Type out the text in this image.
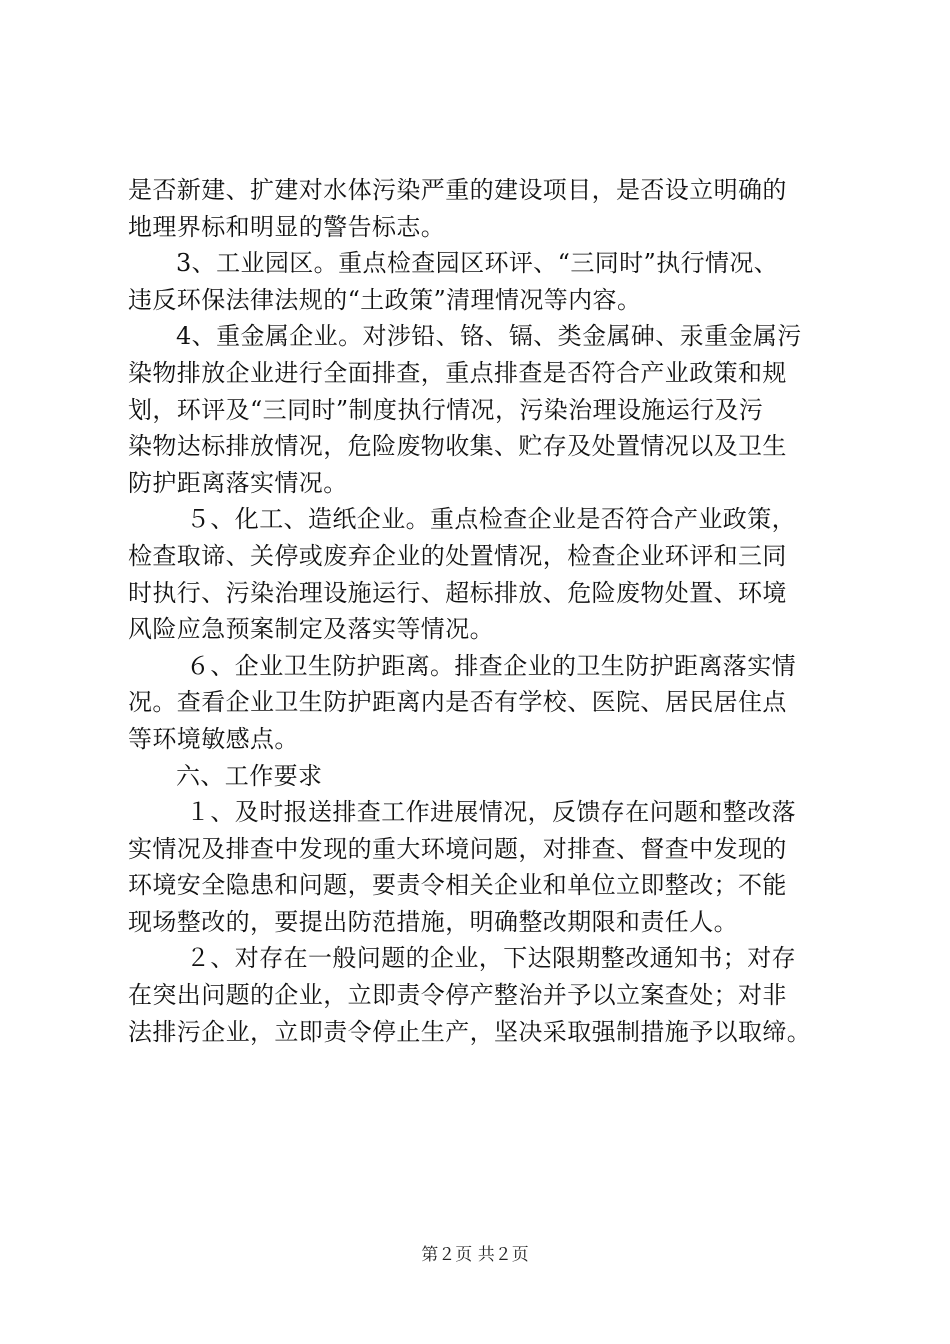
是否新建、扩建对水体污染严重的建设项目，是否设立明确的
地理界标和明显的警告标志。
3、工业园区。重点检查园区环评、“三同时”执行情况、
违反环保法律法规的“土政策”清理情况等内容。
4、重金属企业。对涉铅、铬、镉、类金属砷、汞重金属污
染物排放企业进行全面排查，重点排查是否符合产业政策和规
划，环评及“三同时”制度执行情况，污染治理设施运行及污
染物达标排放情况，危险废物收集、贮存及处置情况以及卫生
防护距离落实情况。
５、化工、造纸企业。重点检查企业是否符合产业政策，
检查取谛、关停或废弃企业的处置情况，检查企业环评和三同
时执行、污染治理设施运行、超标排放、危险废物处置、环境
风险应急预案制定及落实等情况。
６、企业卫生防护距离。排查企业的卫生防护距离落实情
况。查看企业卫生防护距离内是否有学校、医院、居民居住点
等环境敏感点。
六、工作要求
１、及时报送排查工作进展情况，反馈存在问题和整改落
实情况及排查中发现的重大环境问题，对排查、督查中发现的
环境安全隐患和问题，要责令相关企业和单位立即整改；不能
现场整改的，要提出防范措施，明确整改期限和责任人。
２、对存在一般问题的企业，下达限期整改通知书；对存
在突出问题的企业，立即责令停产整治并予以立案查处；对非
法排污企业，立即责令停止生产，坚决采取强制措施予以取缔。
第２页 共２页
